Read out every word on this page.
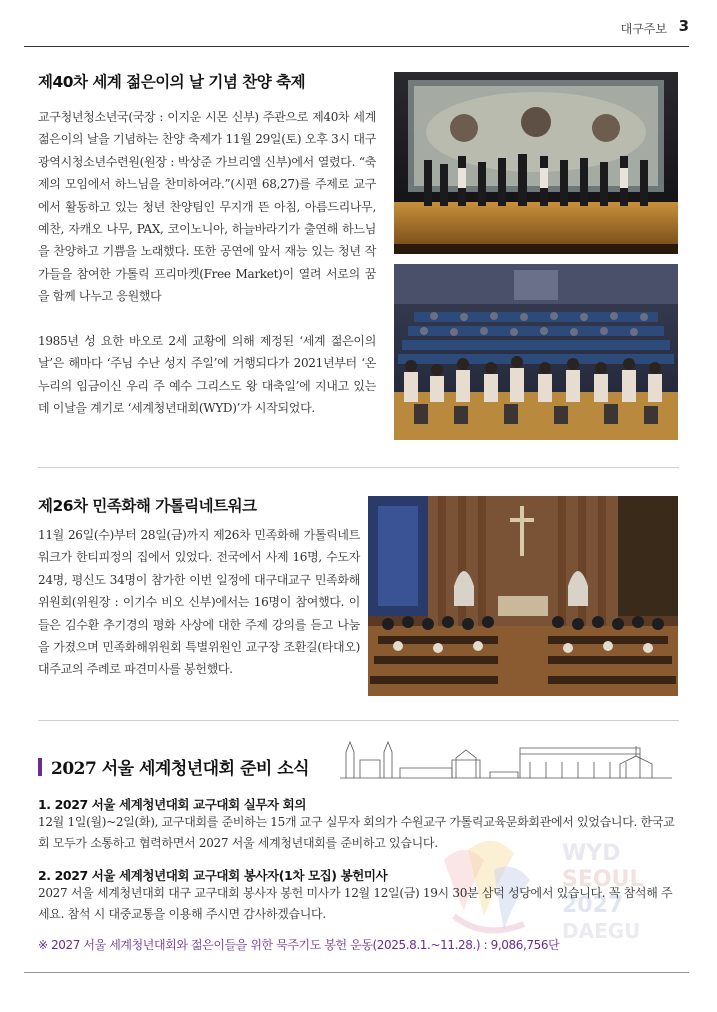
대구주보 3
제40차 세계 젊은이의 날 기념 찬양 축제
교구청년청소년국(국장 : 이지운 시몬 신부) 주관으로 제40차 세계 젊은이의 날을 기념하는 찬양 축제가 11월 29일(토) 오후 3시 대구광역시청소년수련원(원장 : 박상준 가브리엘 신부)에서 열렸다. “축제의 모임에서 하느님을 찬미하여라.”(시편 68,27)를 주제로 교구에서 활동하고 있는 청년 찬양팀인 무지개 뜬 아침, 아름드리나무, 예찬, 자캐오 나무, PAX, 코이노니아, 하늘바라기가 출연해 하느님을 찬양하고 기쁨을 노래했다. 또한 공연에 앞서 재능 있는 청년 작가들을 참여한 가톨릭 프리마켓(Free Market)이 열려 서로의 꿈을 함께 나누고 응원했다
1985년 성 요한 바오로 2세 교황에 의해 제정된 ‘세계 젊은이의 날’은 해마다 ‘주님 수난 성지 주일’에 거행되다가 2021년부터 ‘온 누리의 임금이신 우리 주 예수 그리스도 왕 대축일’에 지내고 있는데 이날을 계기로 ‘세계청년대회(WYD)’가 시작되었다.
제26차 민족화해 가톨릭네트워크
11월 26일(수)부터 28일(금)까지 제26차 민족화해 가톨릭네트워크가 한티피정의 집에서 있었다. 전국에서 사제 16명, 수도자 24명, 평신도 34명이 참가한 이번 일정에 대구대교구 민족화해위원회(위원장 : 이기수 비오 신부)에서는 16명이 참여했다. 이들은 김수환 추기경의 평화 사상에 대한 주제 강의를 듣고 나눔을 가졌으며 민족화해위원회 특별위원인 교구장 조환길(타대오) 대주교의 주례로 파견미사를 봉헌했다.
2027 서울 세계청년대회 준비 소식
1. 2027 서울 세계청년대회 교구대회 실무자 회의
12월 1일(월)~2일(화), 교구대회를 준비하는 15개 교구 실무자 회의가 수원교구 가톨릭교육문화회관에서 있었습니다. 한국교회 모두가 소통하고 협력하면서 2027 서울 세계청년대회를 준비하고 있습니다.	WYD
SEOUL
2027
DAEGU
2. 2027 서울 세계청년대회 교구대회 봉사자(1차 모집) 봉헌미사
2027 서울 세계청년대회 대구 교구대회 봉사자 봉헌 미사가 12월 12일(금) 19시 30분 삼덕 성당에서 있습니다. 꼭 참석해 주세요. 참석 시 대중교통을 이용해 주시면 감사하겠습니다.
※ 2027 서울 세계청년대회와 젊은이들을 위한 묵주기도 봉헌 운동(2025.8.1.~11.28.) : 9,086,756단
